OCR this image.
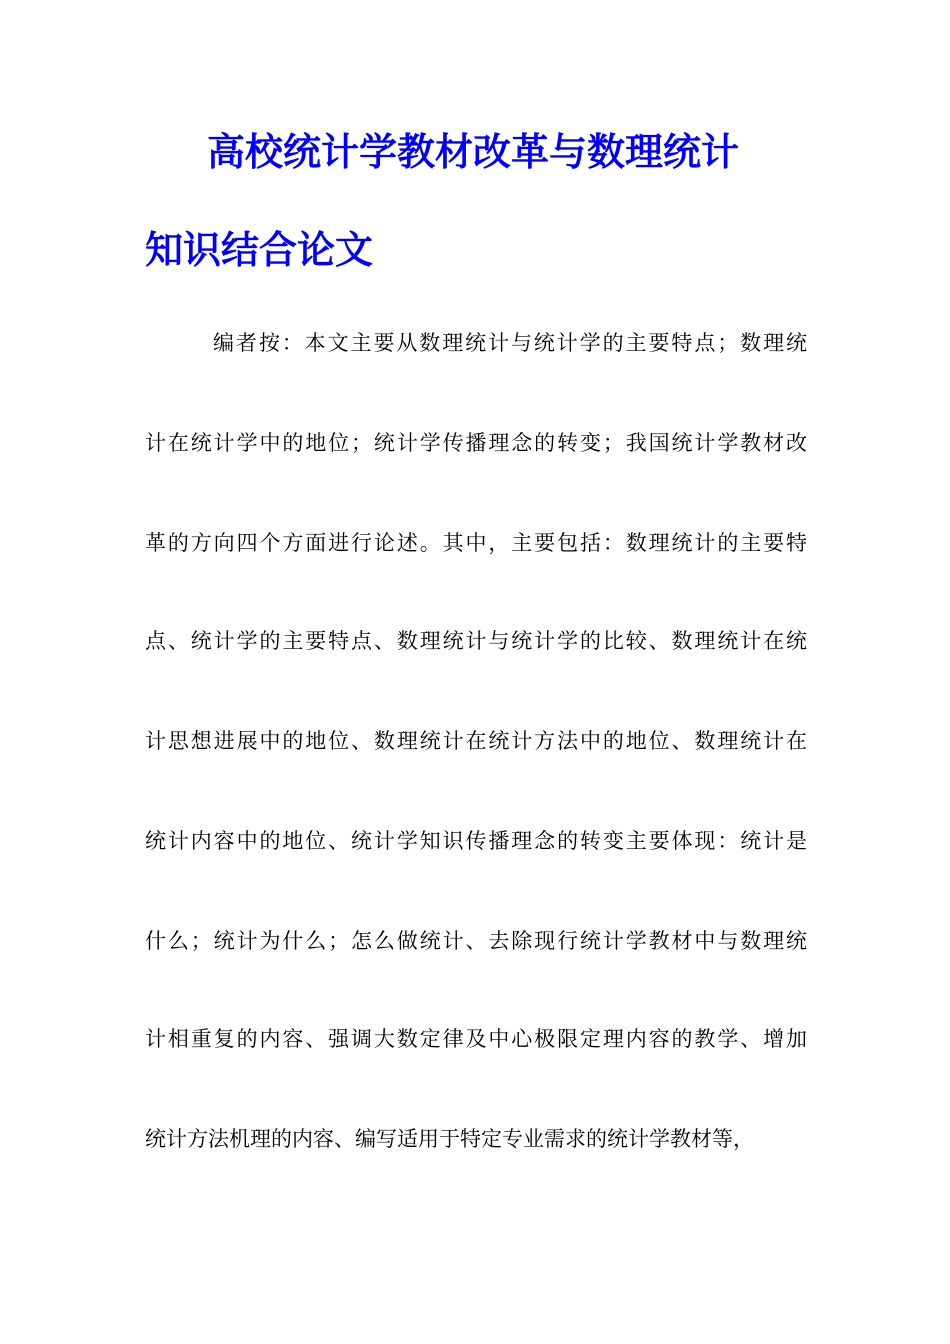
高校统计学教材改革与数理统计
知识结合论文

编者按：本文主要从数理统计与统计学的主要特点；数理统

计在统计学中的地位；统计学传播理念的转变；我国统计学教材改

革的方向四个方面进行论述。其中，主要包括：数理统计的主要特

点、统计学的主要特点、数理统计与统计学的比较、数理统计在统

计思想进展中的地位、数理统计在统计方法中的地位、数理统计在

统计内容中的地位、统计学知识传播理念的转变主要体现：统计是

什么；统计为什么；怎么做统计、去除现行统计学教材中与数理统

计相重复的内容、强调大数定律及中心极限定理内容的教学、增加

统计方法机理的内容、编写适用于特定专业需求的统计学教材等，
